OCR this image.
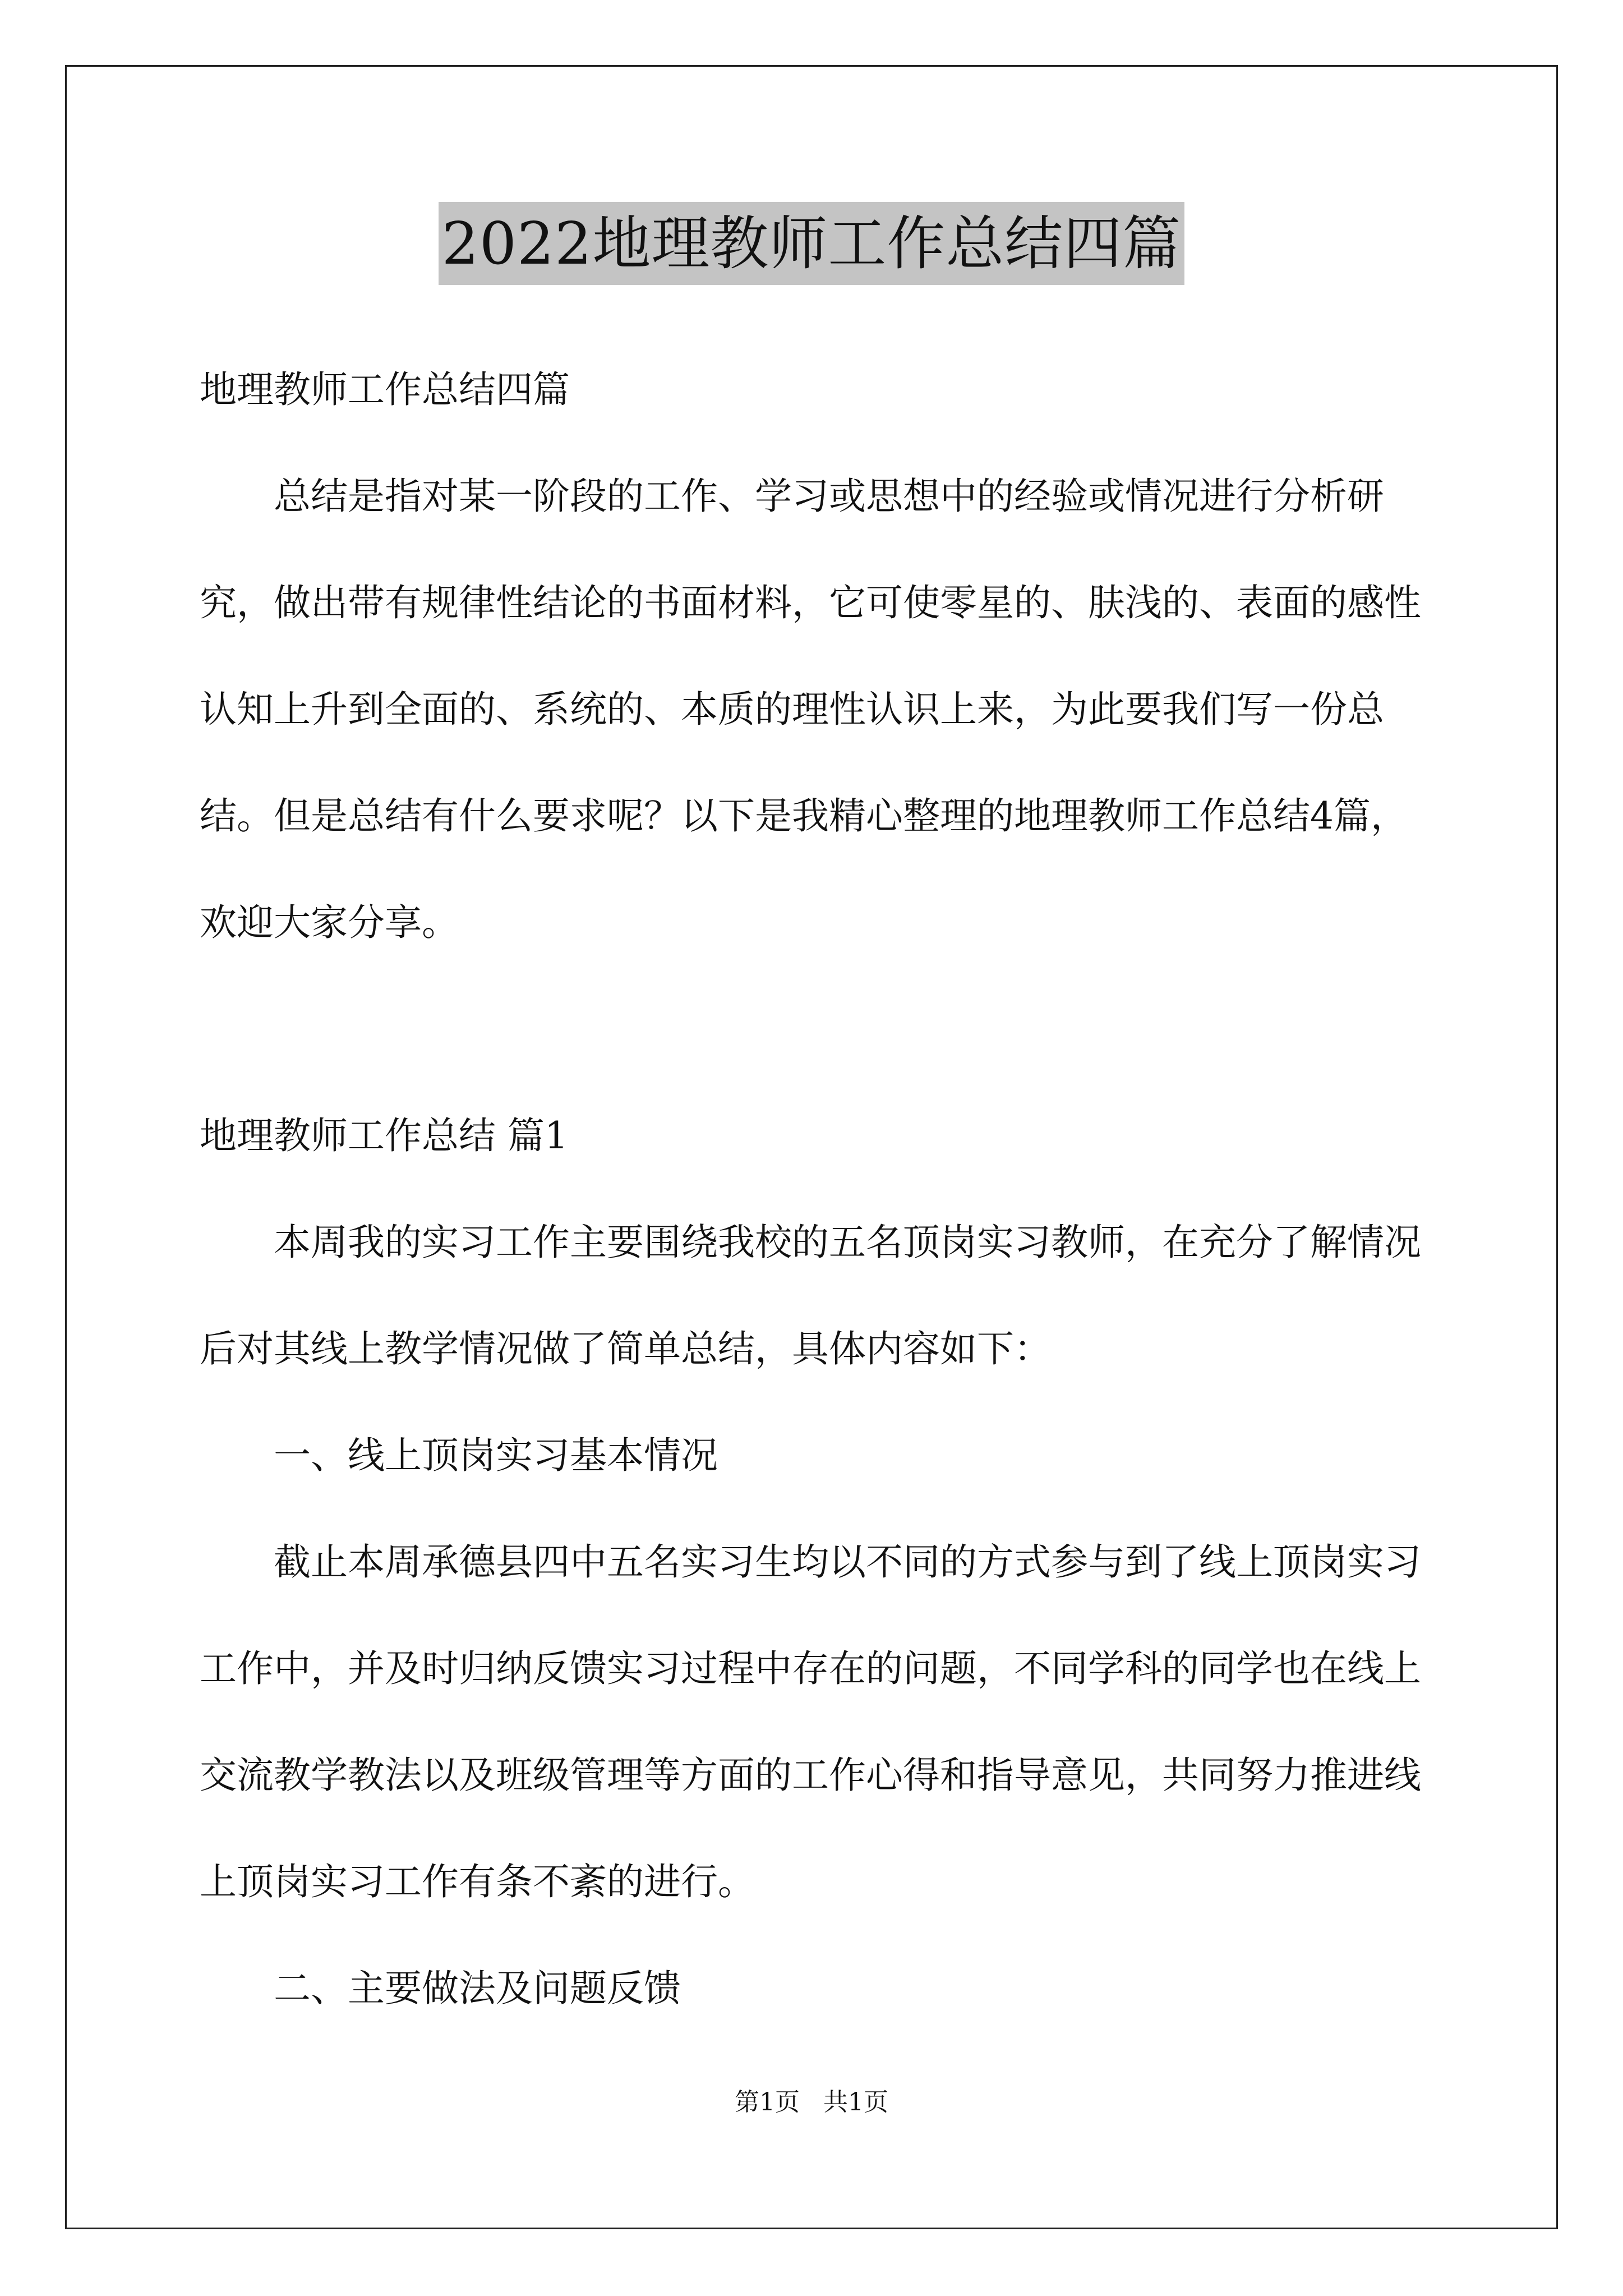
2022地理教师工作总结四篇

地理教师工作总结四篇

总结是指对某一阶段的工作、学习或思想中的经验或情况进行分析研究，做出带有规律性结论的书面材料，它可使零星的、肤浅的、表面的感性认知上升到全面的、系统的、本质的理性认识上来，为此要我们写一份总结。但是总结有什么要求呢？以下是我精心整理的地理教师工作总结4篇，欢迎大家分享。

地理教师工作总结 篇1

本周我的实习工作主要围绕我校的五名顶岗实习教师，在充分了解情况后对其线上教学情况做了简单总结，具体内容如下：

一、线上顶岗实习基本情况

截止本周承德县四中五名实习生均以不同的方式参与到了线上顶岗实习工作中，并及时归纳反馈实习过程中存在的问题，不同学科的同学也在线上交流教学教法以及班级管理等方面的工作心得和指导意见，共同努力推进线上顶岗实习工作有条不紊的进行。

二、主要做法及问题反馈

第1页 共1页
